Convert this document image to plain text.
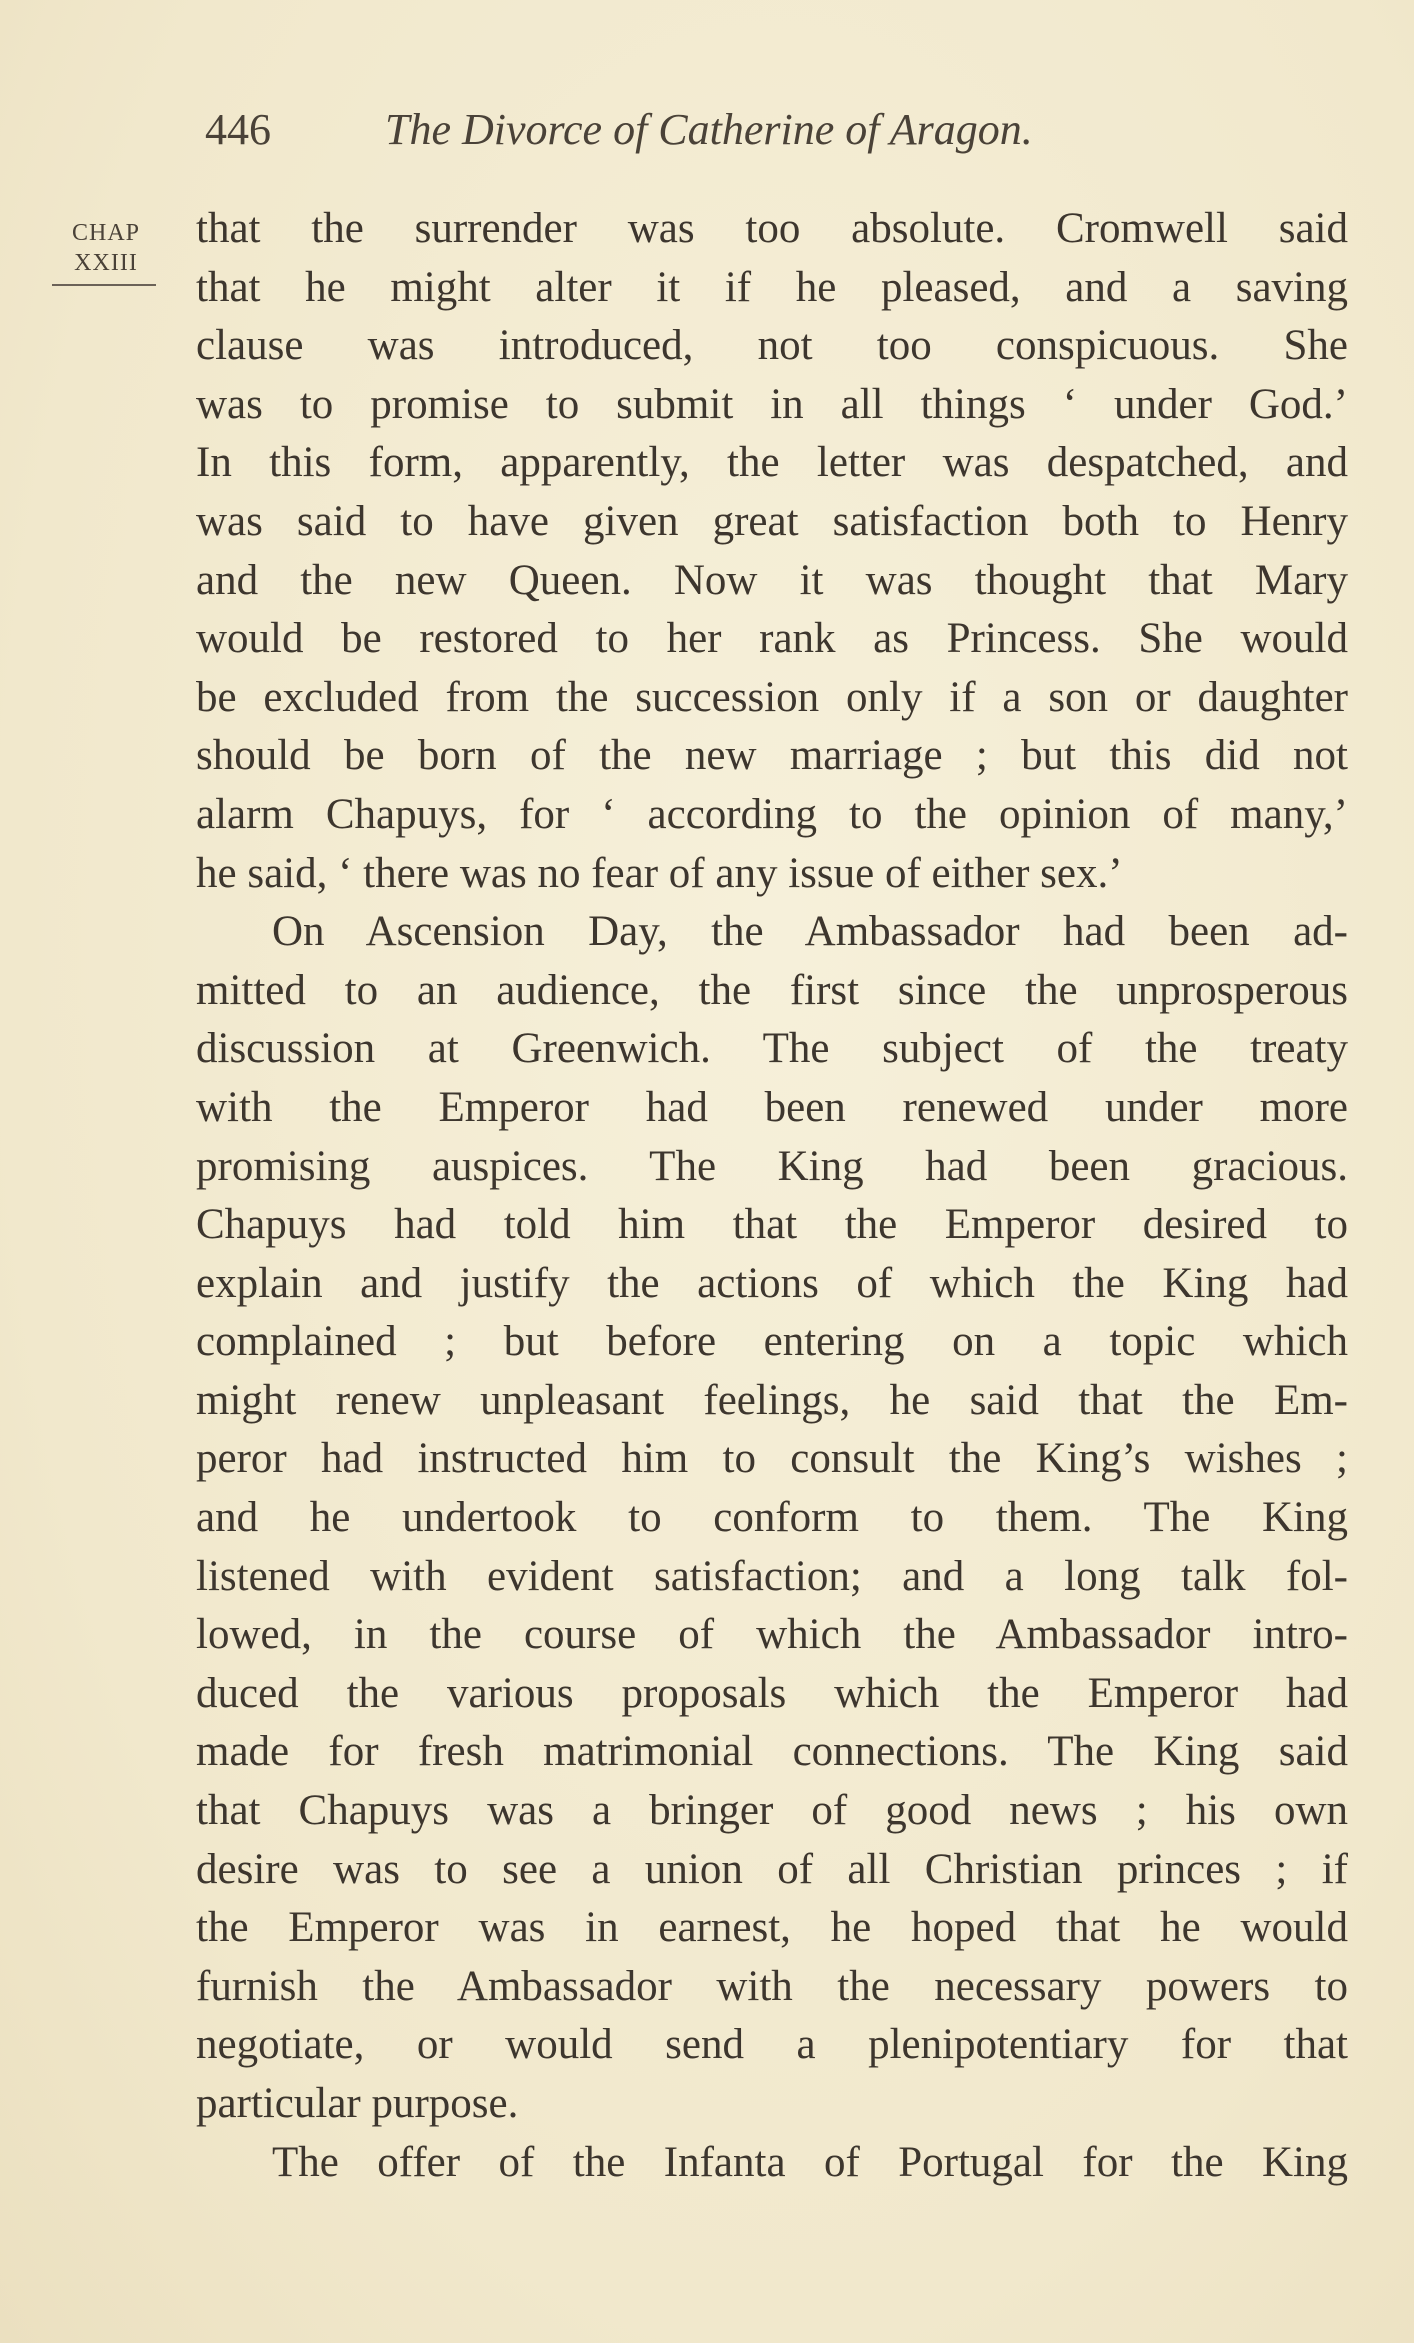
446	The Divorce of Catherine of Aragon.
CHAP
XXIII
that the surrender was too absolute. Cromwell said
that he might alter it if he pleased, and a saving
clause was introduced, not too conspicuous. She
was to promise to submit in all things ‘ under God.’
In this form, apparently, the letter was despatched, and
was said to have given great satisfaction both to Henry
and the new Queen. Now it was thought that Mary
would be restored to her rank as Princess. She would
be excluded from the succession only if a son or daughter
should be born of the new marriage ; but this did not
alarm Chapuys, for ‘ according to the opinion of many,’
he said, ‘ there was no fear of any issue of either sex.’
On Ascension Day, the Ambassador had been ad-
mitted to an audience, the first since the unprosperous
discussion at Greenwich. The subject of the treaty
with the Emperor had been renewed under more
promising auspices. The King had been gracious.
Chapuys had told him that the Emperor desired to
explain and justify the actions of which the King had
complained ; but before entering on a topic which
might renew unpleasant feelings, he said that the Em-
peror had instructed him to consult the King’s wishes ;
and he undertook to conform to them. The King
listened with evident satisfaction; and a long talk fol-
lowed, in the course of which the Ambassador intro-
duced the various proposals which the Emperor had
made for fresh matrimonial connections. The King said
that Chapuys was a bringer of good news ; his own
desire was to see a union of all Christian princes ; if
the Emperor was in earnest, he hoped that he would
furnish the Ambassador with the necessary powers to
negotiate, or would send a plenipotentiary for that
particular purpose.
The offer of the Infanta of Portugal for the King
